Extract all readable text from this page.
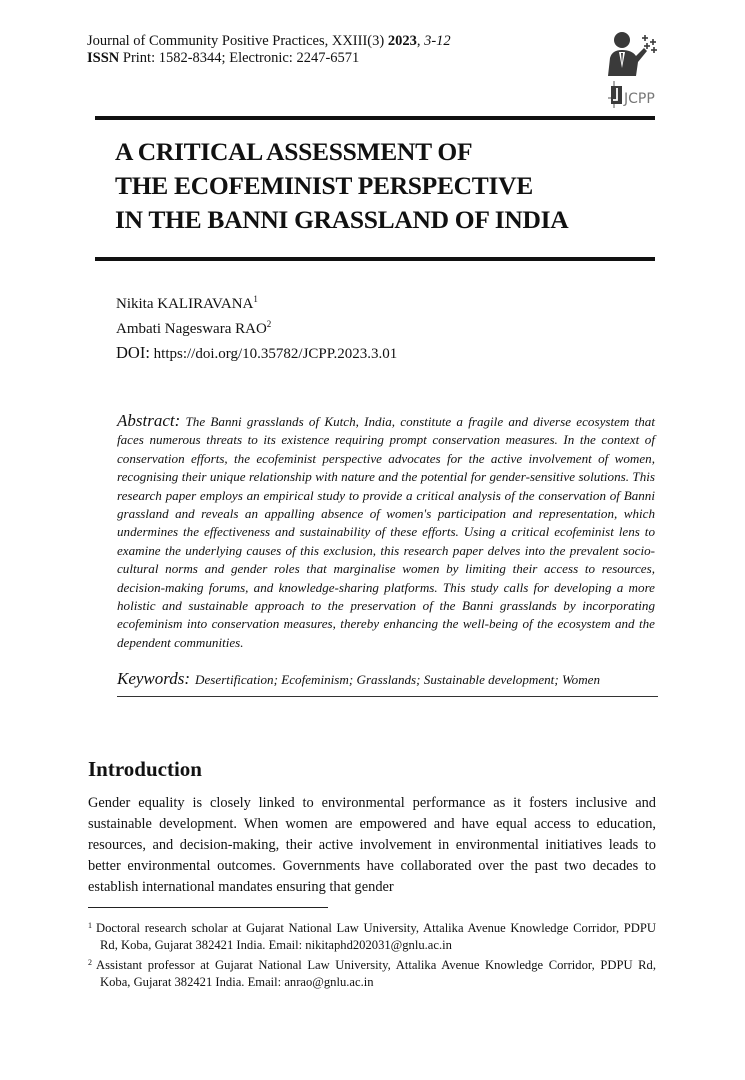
Journal of Community Positive Practices, XXIII(3) 2023, 3-12
ISSN Print: 1582-8344; Electronic: 2247-6571
JCPP
A CRITICAL ASSESSMENT OF
THE ECOFEMINIST PERSPECTIVE
IN THE BANNI GRASSLAND OF INDIA
Nikita KALIRAVANA$^1$
Ambati Nageswara RAO$^2$
DOI: https://doi.org/10.35782/JCPP.2023.3.01
Abstract: The Banni grasslands of Kutch, India, constitute a fragile and diverse ecosystem that faces numerous threats to its existence requiring prompt conservation measures. In the context of conservation efforts, the ecofeminist perspective advocates for the active involvement of women, recognising their unique relationship with nature and the potential for gender-sensitive solutions. This research paper employs an empirical study to provide a critical analysis of the conservation of Banni grassland and reveals an appalling absence of women's participation and representation, which undermines the effectiveness and sustainability of these efforts. Using a critical ecofeminist lens to examine the underlying causes of this exclusion, this research paper delves into the prevalent socio-cultural norms and gender roles that marginalise women by limiting their access to resources, decision-making forums, and knowledge-sharing platforms. This study calls for developing a more holistic and sustainable approach to the preservation of the Banni grasslands by incorporating ecofeminism into conservation measures, thereby enhancing the well-being of the ecosystem and the dependent communities.
Keywords: Desertification; Ecofeminism; Grasslands; Sustainable development; Women
Introduction
Gender equality is closely linked to environmental performance as it fosters inclusive and sustainable development. When women are empowered and have equal access to education, resources, and decision-making, their active involvement in environmental initiatives leads to better environmental outcomes. Governments have collaborated over the past two decades to establish international mandates ensuring that gender
$^1$ Doctoral research scholar at Gujarat National Law University, Attalika Avenue Knowledge Corridor, PDPU Rd, Koba, Gujarat 382421 India. Email: nikitaphd202031@gnlu.ac.in
$^2$ Assistant professor at Gujarat National Law University, Attalika Avenue Knowledge Corridor, PDPU Rd, Koba, Gujarat 382421 India. Email: anrao@gnlu.ac.in
